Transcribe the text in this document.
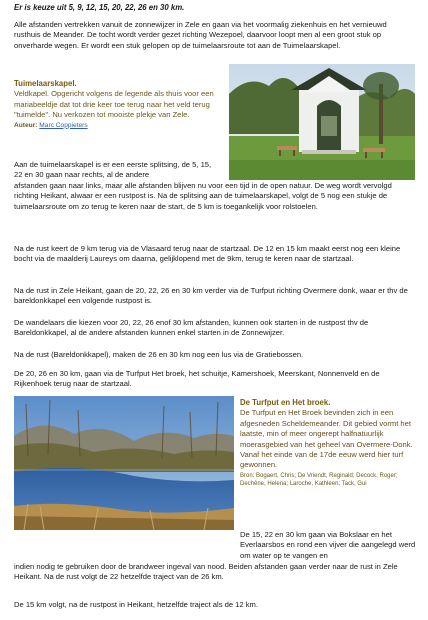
Er is keuze uit 5, 9, 12, 15, 20, 22, 26 en 30 km.

Alle afstanden vertrekken vanuit de zonnewijzer in Zele en gaan via het voormalig ziekenhuis en het vernieuwd rusthuis de Meander. De tocht wordt verder gezet richting Wezepoel, daarvoor loopt men al een groot stuk op onverharde wegen. Er wordt een stuk gelopen op de tuimelaarsroute tot aan de Tuimelaarskapel.

Tuimelaarskapel.
Veldkapel. Opgericht volgens de legende als thuis voor een mariabeeldje dat tot drie keer toe terug naar het veld terug "tuimelde". Nu verkozen tot mooiste plekje van Zele.
Auteur: Marc Coppieters

Aan de tuimelaarskapel is er een eerste splitsing, de 5, 15, 22 en 30 gaan naar rechts, al de andere

afstanden gaan naar links, maar alle afstanden blijven nu voor een tijd in de open natuur. De weg wordt vervolgd richting Heikant, alwaar er een rustpost is. Na de splitsing aan de tuimelaarskapel, volgt de 5 nog een stukje de tuimelaarsroute om zo terug te keren naar de start, de 5 km is toegankelijk voor rolstoelen.

Na de rust keert de 9 km terug via de Vlasaard terug naar de startzaal. De 12 en 15 km maakt eerst nog een kleine bocht via de maalderij Laureys om daarna, gelijklopend met de 9km, terug te keren naar de startzaal.

Na de rust in Zele Heikant, gaan de 20, 22, 26 en 30 km verder via de Turfput richting Overmere donk, waar er thv de bareldonkkapel een volgende rustpost is.

De wandelaars die kiezen voor 20, 22, 26 enof 30 km afstanden, kunnen ook starten in de rustpost thv de Bareldonkkapel, al de andere afstanden kunnen enkel starten in de Zonnewijzer.

Na de rust (Bareldonkkapel), maken de 26 en 30 km nog een lus via de Gratiebossen.

De 20, 26 en 30 km, gaan via de Turfput Het broek, het schuitje, Kamershoek, Meerskant, Nonnenveld en de Rijkenhoek terug naar de startzaal.

De Turfput en Het broek.
De Turfput en Het Broek bevinden zich in een afgesneden Scheldemeander. Dit gebied vormt het laatste, min of meer ongerept halfnatuurlijk moerasgebied van het geheel van Overmere-Donk. Vanaf het einde van de 17de eeuw werd hier turf gewonnen.
Bron: Bogaert, Chris; De Vriendt, Reginald; Decock, Roger; Dechêne, Helena; Laroche, Kathleen; Tack, Gui

De 15, 22 en 30 km gaan via Bokslaar en het Everlaarsbos en rond een vijver die aangelegd werd om water op te vangen en

indien nodig te gebruiken door de brandweer ingeval van nood. Beiden afstanden gaan verder naar de rust in Zele Heikant. Na de rust volgt de 22 hetzelfde traject van de 26 km.

De 15 km volgt, na de rustpost in Heikant, hetzelfde traject als de 12 km.
